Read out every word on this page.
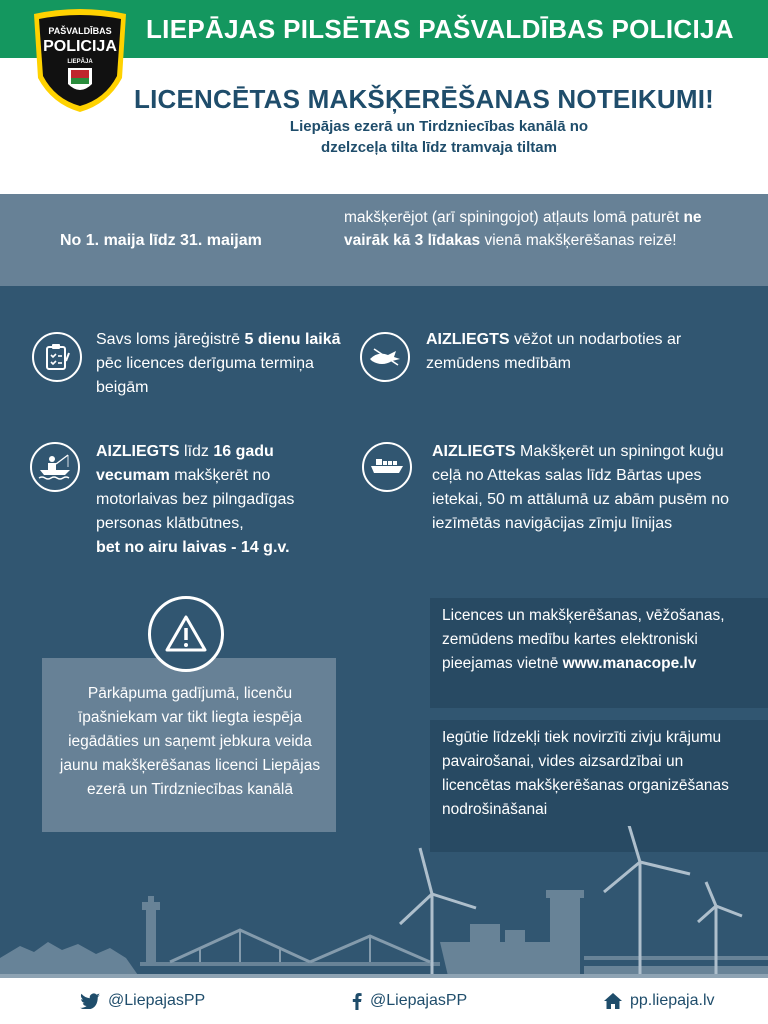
LIEPĀJAS PILSĒTAS PAŠVALDĪBAS POLICIJA
PAŠVALDĪBAS
POLICIJA
LIEPĀJA
LICENCĒTAS MAKŠĶERĒŠANAS NOTEIKUMI!
Liepājas ezerā un Tirdzniecības kanālā no
dzelzceļa tilta līdz tramvaja tiltam
No 1. maija līdz 31. maijam
makšķerējot (arī spiningojot) atļauts lomā paturēt ne vairāk kā 3 līdakas vienā makšķerēšanas reizē!
Savs loms jāreģistrē 5 dienu laikā pēc licences derīguma termiņa beigām
AIZLIEGTS vēžot un nodarboties ar zemūdens medībām
AIZLIEGTS līdz 16 gadu vecumam makšķerēt no motorlaivas bez pilngadīgas personas klātbūtnes,
bet no airu laivas - 14 g.v.
AIZLIEGTS Makšķerēt un spiningot kuģu ceļā no Attekas salas līdz Bārtas upes ietekai, 50 m attālumā uz abām pusēm no iezīmētās navigācijas zīmju līnijas
Pārkāpuma gadījumā, licenču īpašniekam var tikt liegta iespēja iegādāties un saņemt jebkura veida jaunu makšķerēšanas licenci Liepājas ezerā un Tirdzniecības kanālā
Licences un makšķerēšanas, vēžošanas, zemūdens medību kartes elektroniski pieejamas vietnē www.manacope.lv
Iegūtie līdzekļi tiek novirzīti zivju krājumu pavairošanai, vides aizsardzībai un licencētas makšķerēšanas organizēšanas nodrošināšanai
@LiepajasPP	@LiepajasPP	pp.liepaja.lv
